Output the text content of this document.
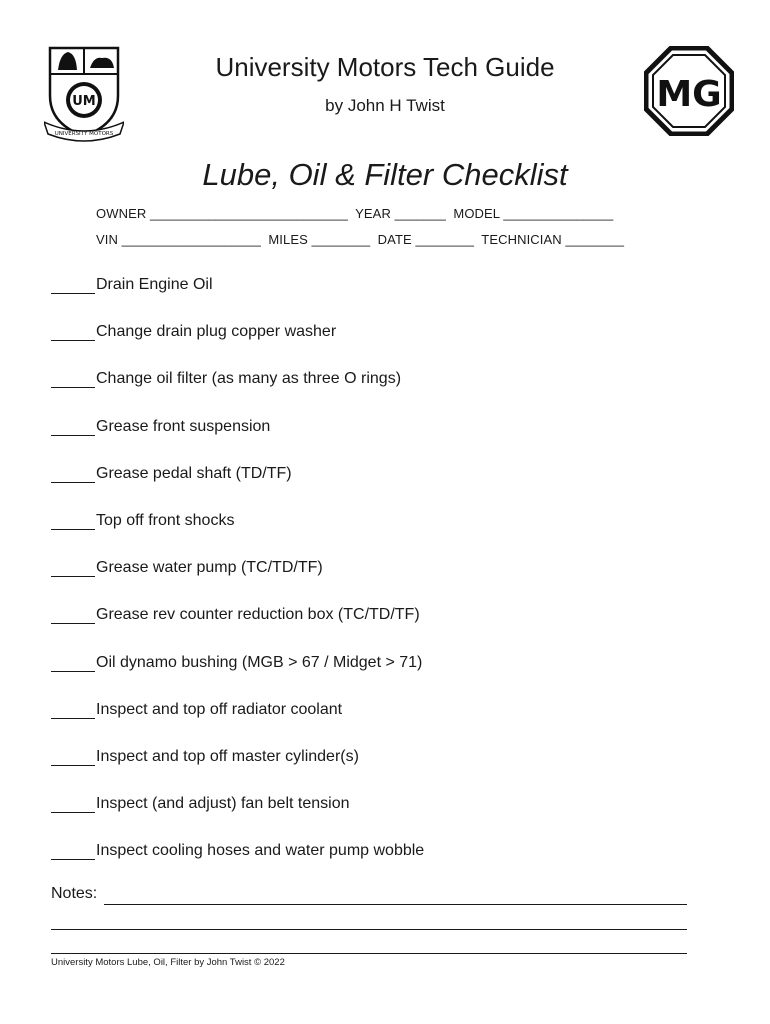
UM
UNIVERSITY MOTORS
MG
University Motors Tech Guide
by John H Twist
Lube, Oil & Filter Checklist
OWNER ___________________________  YEAR _______  MODEL _______________
VIN ___________________  MILES ________  DATE ________  TECHNICIAN ________
Drain Engine Oil
Change drain plug copper washer
Change oil filter (as many as three O rings)
Grease front suspension
Grease pedal shaft (TD/TF)
Top off front shocks
Grease water pump (TC/TD/TF)
Grease rev counter reduction box (TC/TD/TF)
Oil dynamo bushing (MGB > 67 / Midget > 71)
Inspect and top off radiator coolant
Inspect and top off master cylinder(s)
Inspect (and adjust) fan belt tension
Inspect cooling hoses and water pump wobble
Notes:
University Motors Lube, Oil, Filter by John Twist © 2022
